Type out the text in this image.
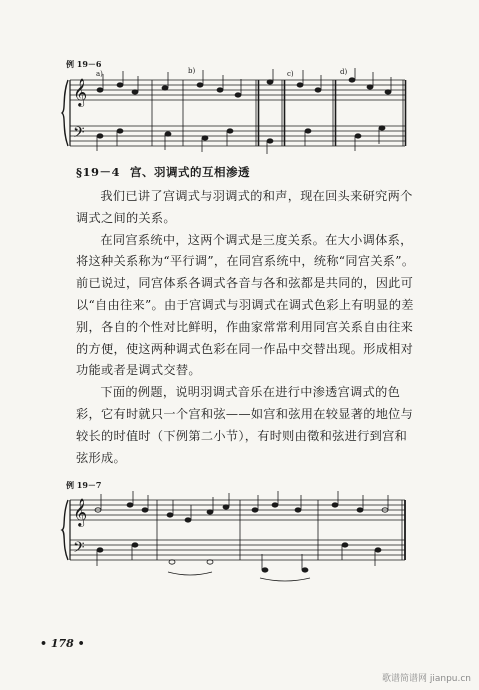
例 19－6
𝄞
𝄢
a)	b)	c)	d)
§19－4 宫、羽调式的互相渗透

我们已讲了宫调式与羽调式的和声，现在回头来研究两个调式之间的关系。

在同宫系统中，这两个调式是三度关系。在大小调体系，将这种关系称为“平行调”，在同宫系统中，统称“同宫关系”。前已说过，同宫体系各调式各音与各和弦都是共同的，因此可以“自由往来”。由于宫调式与羽调式在调式色彩上有明显的差别，各自的个性对比鲜明，作曲家常常利用同宫关系自由往来的方便，使这两种调式色彩在同一作品中交替出现。形成相对功能或者是调式交替。

下面的例题，说明羽调式音乐在进行中渗透宫调式的色彩，它有时就只一个宫和弦——如宫和弦用在较显著的地位与较长的时值时（下例第二小节），有时则由徵和弦进行到宫和弦形成。

例 19－7
𝄞
𝄢
• 178 •
歌谱简谱网 jianpu.cn
